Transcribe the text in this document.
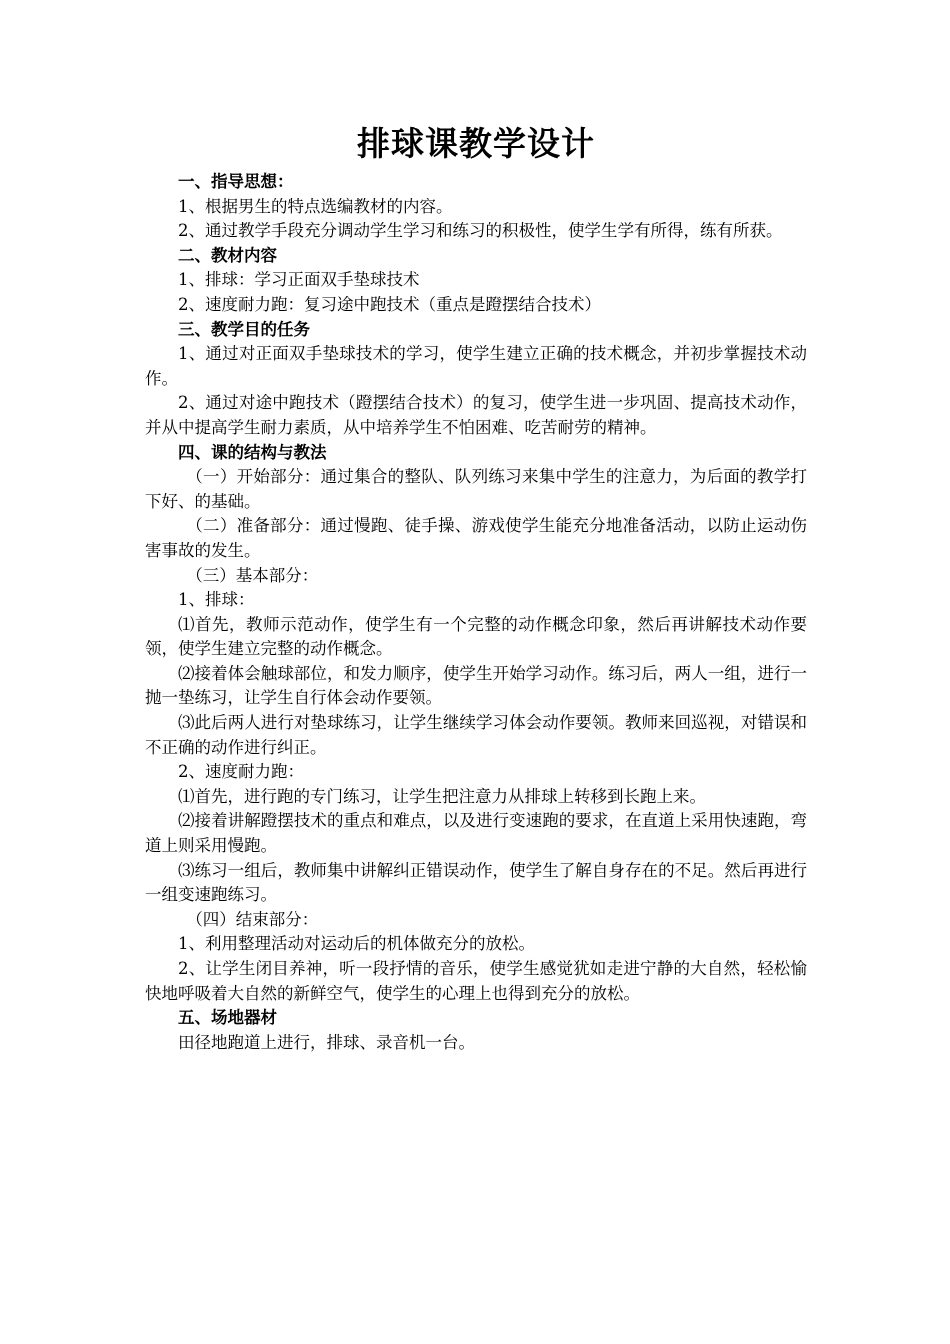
排球课教学设计
一、指导思想：
1、根据男生的特点选编教材的内容。
2、通过教学手段充分调动学生学习和练习的积极性，使学生学有所得，练有所获。
二、教材内容
1、排球：学习正面双手垫球技术
2、速度耐力跑：复习途中跑技术（重点是蹬摆结合技术）
三、教学目的任务
1、通过对正面双手垫球技术的学习，使学生建立正确的技术概念，并初步掌握技术动作。
2、通过对途中跑技术（蹬摆结合技术）的复习，使学生进一步巩固、提高技术动作，并从中提高学生耐力素质，从中培养学生不怕困难、吃苦耐劳的精神。
四、课的结构与教法
（一）开始部分：通过集合的整队、队列练习来集中学生的注意力，为后面的教学打下好、的基础。
（二）准备部分：通过慢跑、徒手操、游戏使学生能充分地准备活动，以防止运动伤害事故的发生。
（三）基本部分：
1、排球：
⑴首先，教师示范动作，使学生有一个完整的动作概念印象，然后再讲解技术动作要领，使学生建立完整的动作概念。
⑵接着体会触球部位，和发力顺序，使学生开始学习动作。练习后，两人一组，进行一抛一垫练习，让学生自行体会动作要领。
⑶此后两人进行对垫球练习，让学生继续学习体会动作要领。教师来回巡视，对错误和不正确的动作进行纠正。
2、速度耐力跑：
⑴首先，进行跑的专门练习，让学生把注意力从排球上转移到长跑上来。
⑵接着讲解蹬摆技术的重点和难点，以及进行变速跑的要求，在直道上采用快速跑，弯道上则采用慢跑。
⑶练习一组后，教师集中讲解纠正错误动作，使学生了解自身存在的不足。然后再进行一组变速跑练习。
（四）结束部分：
1、利用整理活动对运动后的机体做充分的放松。
2、让学生闭目养神，听一段抒情的音乐，使学生感觉犹如走进宁静的大自然，轻松愉快地呼吸着大自然的新鲜空气，使学生的心理上也得到充分的放松。
五、场地器材
田径地跑道上进行，排球、录音机一台。
